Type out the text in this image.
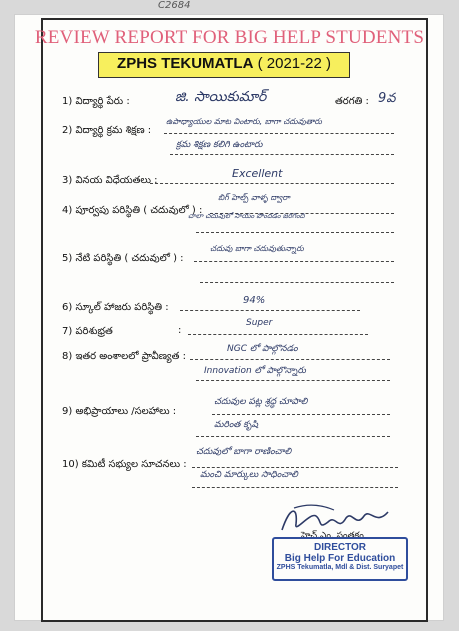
C2684
REVIEW REPORT FOR BIG HELP STUDENTS
ZPHS TEKUMATLA ( 2021-22 )
1) విద్యార్థి పేరు :	జి. సాయికుమార్	తరగతి : 9వ
2) విద్యార్థి క్రమ శిక్షణ :
ఉపాధ్యాయుల మాట వింటారు, బాగా చదువుతారు
క్రమ శిక్షణ కలిగి ఉంటారు
3) వినయ విధేయతలు :
Excellent
4) పూర్వపు పరిస్థితి ( చదువులో ) :
బిగ్ హెల్ప్ వాళ్ళ ద్వారా
చాలా చదువులో సాయం పొందడం జరిగింది
5) నేటి పరిస్థితి ( చదువులో ) :
చదువు బాగా చదువుతున్నారు
6) స్కూల్ హాజరు పరిస్థితి :
94%
7) పరిశుభ్రత	:
Super
8) ఇతర అంశాలలో ప్రావీణ్యత :
NGC లో పాల్గొనడం
Innovation లో పాల్గొన్నారు
9) అభిప్రాయాలు /సలహాలు :
చదువుల పట్ల శ్రద్ధ చూపాలి
మరింత కృషి
10) కమిటీ సభ్యుల సూచనలు :
చదువులో బాగా రాణించాలి
మంచి మార్కులు సాధించాలి
హెచ్.ఎం. సంతకం
DIRECTOR
Big Help For Education
ZPHS Tekumatla, Mdl & Dist. Suryapet
